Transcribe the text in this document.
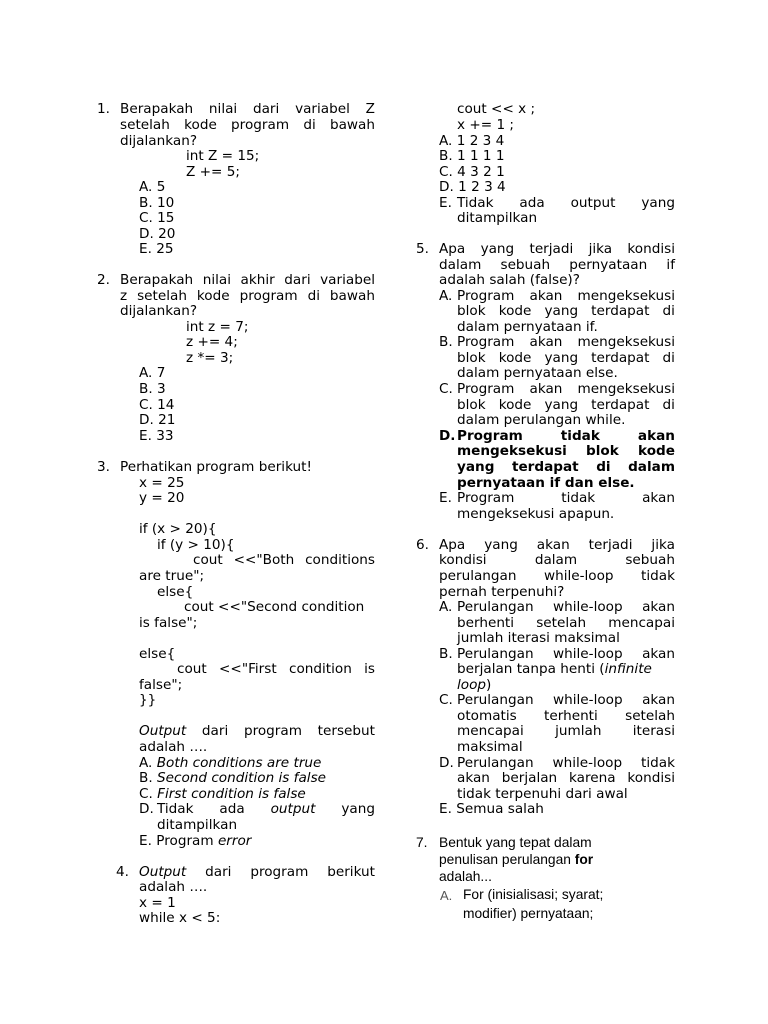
1. Berapakah nilai dari variabel Z
setelah kode program di bawah
dijalankan?
int Z = 15;
Z += 5;
A. 5
B. 10
C. 15
D. 20
E. 25
2. Berapakah nilai akhir dari variabel
z setelah kode program di bawah
dijalankan?
int z = 7;
z += 4;
z *= 3;
A. 7
B. 3
C. 14
D. 21
E. 33
3. Perhatikan program berikut!
x = 25
y = 20
if (x > 20){
if (y > 10){
cout <<"Both conditions
are true";
else{
cout <<"Second condition
is false";
else{
cout <<"First condition is
false";
}}
Output dari program tersebut
adalah ….
A. Both conditions are true
B. Second condition is false
C. First condition is false
D. Tidak ada output yang
ditampilkan
E. Program error
4. Output dari program berikut
adalah ….
x = 1
while x < 5:
cout << x ;
x += 1 ;
A. 1 2 3 4
B. 1 1 1 1
C. 4 3 2 1
D. 1 2 3 4
E. Tidak ada output yang
ditampilkan
5. Apa yang terjadi jika kondisi
dalam sebuah pernyataan if
adalah salah (false)?
A. Program akan mengeksekusi
blok kode yang terdapat di
dalam pernyataan if.
B. Program akan mengeksekusi
blok kode yang terdapat di
dalam pernyataan else.
C. Program akan mengeksekusi
blok kode yang terdapat di
dalam perulangan while.
D. Program	tidak	akan
mengeksekusi blok kode
yang terdapat di dalam
pernyataan if dan else.
E. Program	tidak	akan
mengeksekusi apapun.
6. Apa yang akan terjadi jika
kondisi	dalam	sebuah
perulangan while-loop tidak
pernah terpenuhi?
A. Perulangan while-loop akan
berhenti setelah mencapai
jumlah iterasi maksimal
B. Perulangan while-loop akan
berjalan tanpa henti (infinite
loop)
C. Perulangan while-loop akan
otomatis terhenti setelah
mencapai jumlah iterasi
maksimal
D. Perulangan while-loop tidak
akan berjalan karena kondisi
tidak terpenuhi dari awal
E. Semua salah
7. Bentuk yang tepat dalam
penulisan perulangan for
adalah...
A. For (inisialisasi; syarat;
modifier) pernyataan;
